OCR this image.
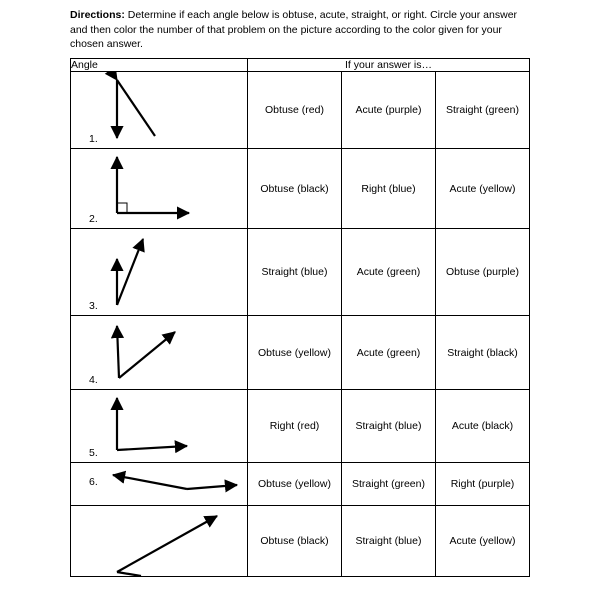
Directions: Determine if each angle below is obtuse, acute, straight, or right. Circle your answer and then color the number of that problem on the picture according to the color given for your chosen answer.
Angle	If your answer is…		

1.	Obtuse (red)	Acute (purple)	Straight (green)

2.	Obtuse (black)	Right (blue)	Acute (yellow)

3.	Straight (blue)	Acute (green)	Obtuse (purple)

4.	Obtuse (yellow)	Acute (green)	Straight (black)

5.	Right (red)	Straight (blue)	Acute (black)

6.	Obtuse (yellow)	Straight (green)	Right (purple)

	Obtuse (black)	Straight (blue)	Acute (yellow)
